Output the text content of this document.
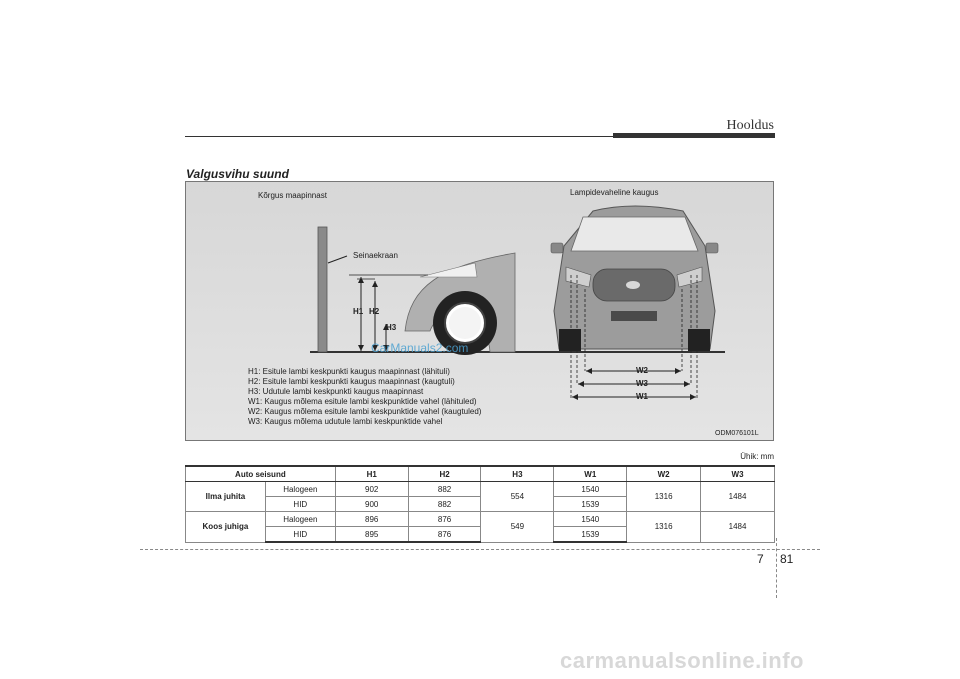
Hooldus
Valgusvihu suund
Kõrgus maapinnast
Seinaekraan
Lampidevaheline kaugus
H1 H2
H3
W2
W3
W1
CarManuals2.com
H1: Esitule lambi keskpunkti kaugus maapinnast (lähituli)
H2: Esitule lambi keskpunkti kaugus maapinnast (kaugtuli)
H3: Udutule lambi keskpunkti kaugus maapinnast
W1: Kaugus mõlema esitule lambi keskpunktide vahel (lähituled)
W2: Kaugus mõlema esitule lambi keskpunktide vahel (kaugtuled)
W3: Kaugus mõlema udutule lambi keskpunktide vahel
ODM076101L
Ühik: mm
Auto seisund		H1	H2	H3	W1	W2	W3
Ilma juhita	Halogeen	902	882	554	1540	1316	1484
	HID	900	882		1539		
Koos juhiga	Halogeen	896	876	549	1540	1316	1484
	HID	895	876		1539		
7 81
carmanualsonline.info
